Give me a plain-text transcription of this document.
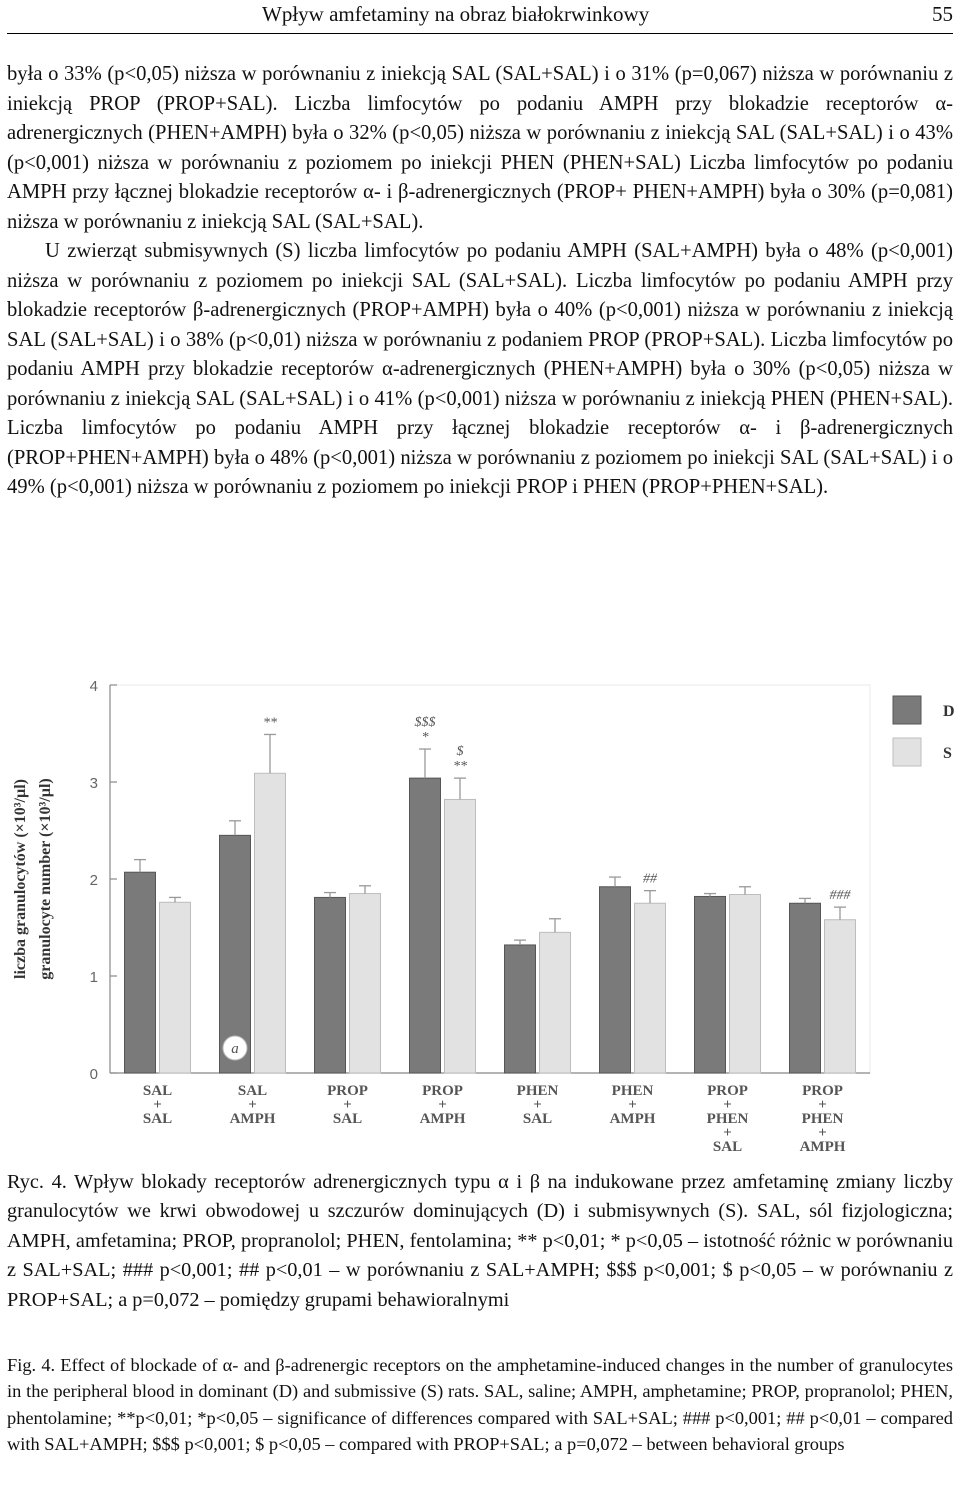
Wpływ amfetaminy na obraz białokrwinkowy	55

była o 33% (p<0,05) niższa w porównaniu z iniekcją SAL (SAL+SAL) i o 31% (p=0,067) niższa w porównaniu z iniekcją PROP (PROP+SAL). Liczba limfocytów po podaniu AMPH przy blokadzie receptorów α-adrenergicznych (PHEN+AMPH) była o 32% (p<0,05) niższa w porównaniu z iniekcją SAL (SAL+SAL) i o 43% (p<0,001) niższa w porównaniu z poziomem po iniekcji PHEN (PHEN+SAL) Liczba limfocytów po podaniu AMPH przy łącznej blokadzie receptorów α- i β-adrenergicznych (PROP+ PHEN+AMPH) była o 30% (p=0,081) niższa w porównaniu z iniekcją SAL (SAL+SAL).

U zwierząt submisywnych (S) liczba limfocytów po podaniu AMPH (SAL+AMPH) była o 48% (p<0,001) niższa w porównaniu z poziomem po iniekcji SAL (SAL+SAL). Liczba limfocytów po podaniu AMPH przy blokadzie receptorów β-adrenergicznych (PROP+AMPH) była o 40% (p<0,001) niższa w porównaniu z iniekcją SAL (SAL+SAL) i o 38% (p<0,01) niższa w porównaniu z podaniem PROP (PROP+SAL). Liczba limfocytów po podaniu AMPH przy blokadzie receptorów α-adrenergicznych (PHEN+AMPH) była o 30% (p<0,05) niższa w porównaniu z iniekcją SAL (SAL+SAL) i o 41% (p<0,001) niższa w porównaniu z iniekcją PHEN (PHEN+SAL). Liczba limfocytów po podaniu AMPH przy łącznej blokadzie receptorów α- i β-adrenergicznych (PROP+PHEN+AMPH) była o 48% (p<0,001) niższa w porównaniu z poziomem po iniekcji SAL (SAL+SAL) i o 49% (p<0,001) niższa w porównaniu z poziomem po iniekcji PROP i PHEN (PROP+PHEN+SAL).

0
1
2
3
4
liczba granulocytów (×10³/µl) granulocyte number (×10³/µl)
SAL
+
SAL
**
SAL
+
AMPH
PROP
+
SAL
$$$
*
$
**
PROP
+
AMPH
PHEN
+
SAL
##
PHEN
+
AMPH
PROP
+
PHEN
+
SAL
###
PROP
+
PHEN
+
AMPH
a
D
S
Ryc. 4. Wpływ blokady receptorów adrenergicznych typu α i β na indukowane przez amfetaminę zmiany liczby granulocytów we krwi obwodowej u szczurów dominujących (D) i submisywnych (S). SAL, sól fizjologiczna; AMPH, amfetamina; PROP, propranolol; PHEN, fentolamina; ** p<0,01; * p<0,05 – istotność różnic w porównaniu z SAL+SAL; ### p<0,001; ## p<0,01 – w porównaniu z SAL+AMPH; $$$ p<0,001; $ p<0,05 – w porównaniu z PROP+SAL; a p=0,072 – pomiędzy grupami behawioralnymi
Fig. 4. Effect of blockade of α- and β-adrenergic receptors on the amphetamine-induced changes in the number of granulocytes in the peripheral blood in dominant (D) and submissive (S) rats. SAL, saline; AMPH, amphetamine; PROP, propranolol; PHEN, phentolamine; **p<0,01; *p<0,05 – significance of differences compared with SAL+SAL; ### p<0,001; ## p<0,01 – compared with SAL+AMPH; $$$ p<0,001; $ p<0,05 – compared with PROP+SAL; a p=0,072 – between behavioral groups
